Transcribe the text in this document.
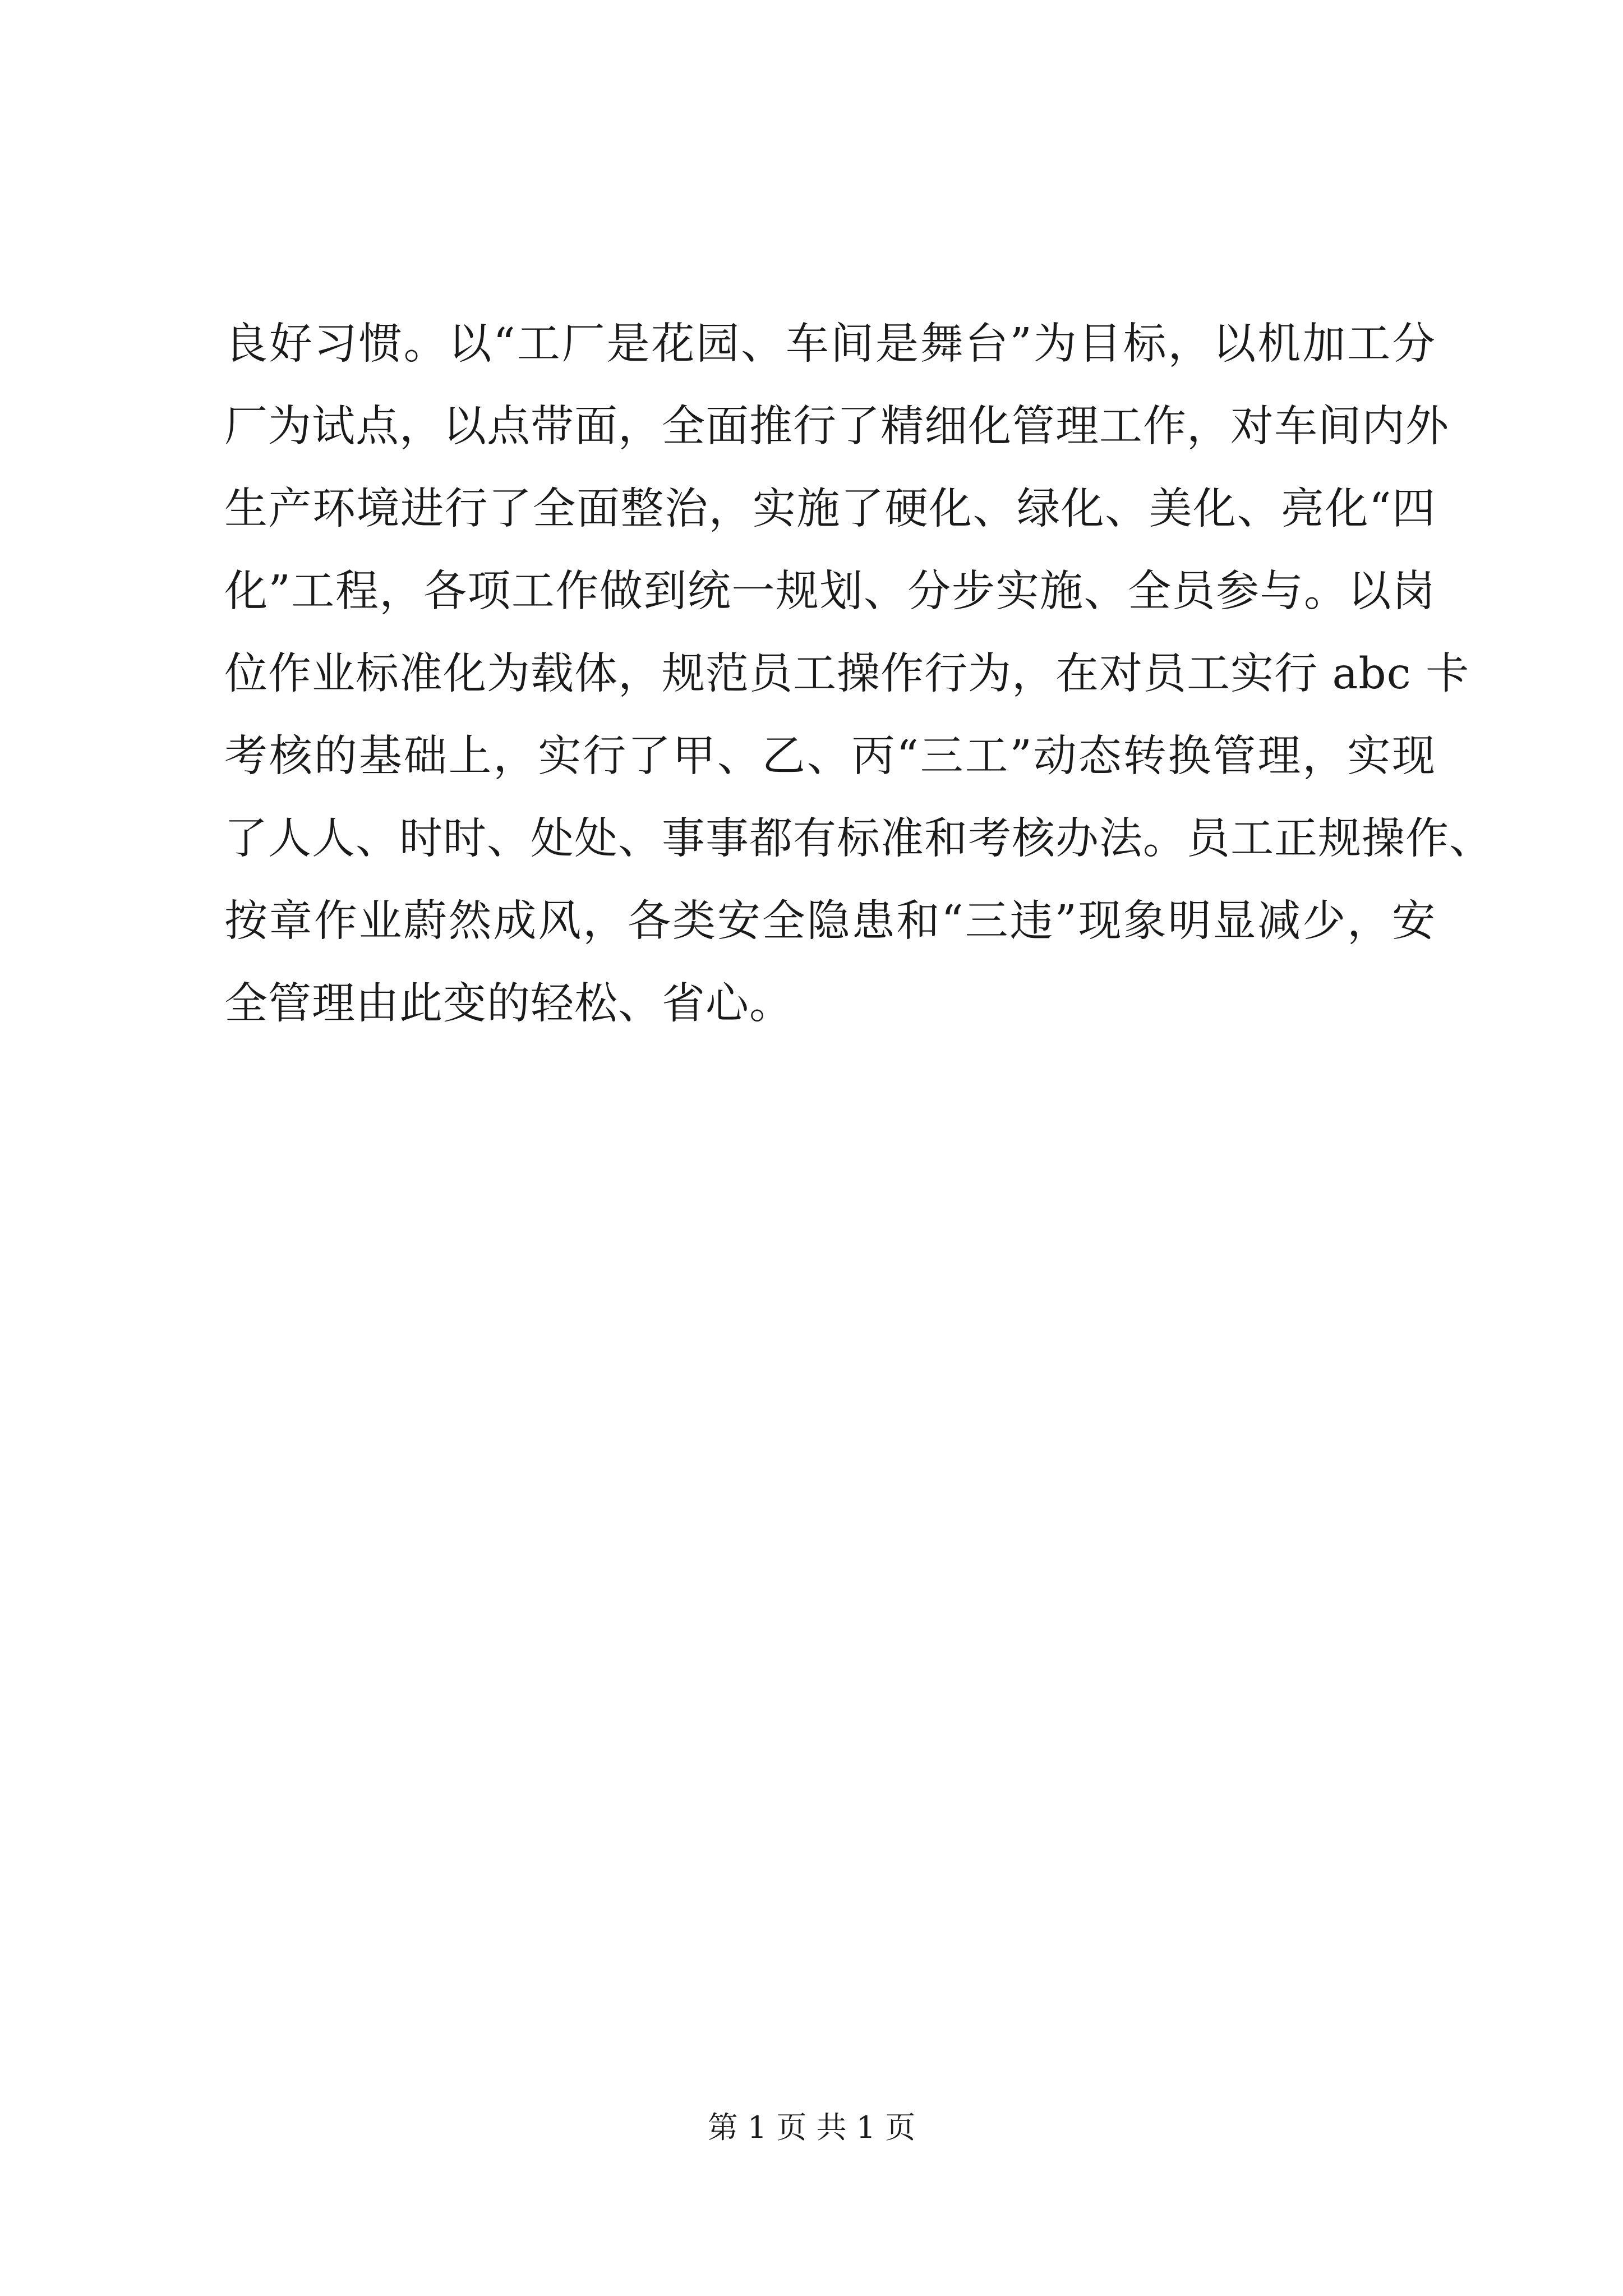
良好习惯。以“工厂是花园、车间是舞台”为目标，以机加工分
厂为试点，以点带面，全面推行了精细化管理工作，对车间内外
生产环境进行了全面整治，实施了硬化、绿化、美化、亮化“四
化”工程，各项工作做到统一规划、分步实施、全员参与。以岗
位作业标准化为载体，规范员工操作行为，在对员工实行 abc 卡
考核的基础上，实行了甲、乙、丙“三工”动态转换管理，实现
了人人、时时、处处、事事都有标准和考核办法。员工正规操作、
按章作业蔚然成风，各类安全隐患和“三违”现象明显减少，安
全管理由此变的轻松、省心。
第 1 页 共 1 页
